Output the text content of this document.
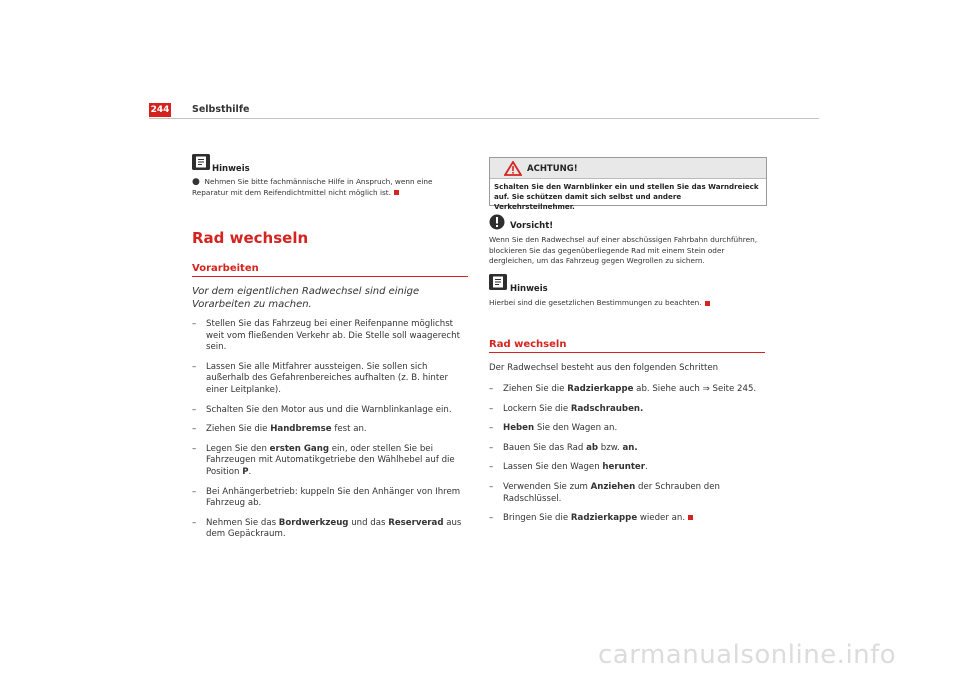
244 Selbsthilfe
Hinweis
● Nehmen Sie bitte fachmännische Hilfe in Anspruch, wenn eine Reparatur mit dem Reifendichtmittel nicht möglich ist.
Rad wechseln
Vorarbeiten
Vor dem eigentlichen Radwechsel sind einige Vorarbeiten zu machen.
– Stellen Sie das Fahrzeug bei einer Reifenpanne möglichst weit vom fließenden Verkehr ab. Die Stelle soll waagerecht sein.
– Lassen Sie alle Mitfahrer aussteigen. Sie sollen sich außerhalb des Gefahrenbereiches aufhalten (z. B. hinter einer Leitplanke).
– Schalten Sie den Motor aus und die Warnblinkanlage ein.
– Ziehen Sie die Handbremse fest an.
– Legen Sie den ersten Gang ein, oder stellen Sie bei Fahrzeugen mit Automatikgetriebe den Wählhebel auf die Position P.
– Bei Anhängerbetrieb: kuppeln Sie den Anhänger von Ihrem Fahrzeug ab.
– Nehmen Sie das Bordwerkzeug und das Reserverad aus dem Gepäckraum.
ACHTUNG!
Schalten Sie den Warnblinker ein und stellen Sie das Warndreieck auf. Sie schützen damit sich selbst und andere Verkehrsteilnehmer.
Vorsicht!
Wenn Sie den Radwechsel auf einer abschüssigen Fahrbahn durchführen, blockieren Sie das gegenüberliegende Rad mit einem Stein oder dergleichen, um das Fahrzeug gegen Wegrollen zu sichern.
Hinweis
Hierbei sind die gesetzlichen Bestimmungen zu beachten.
Rad wechseln
Der Radwechsel besteht aus den folgenden Schritten
– Ziehen Sie die Radzierkappe ab. Siehe auch ⇒ Seite 245.
– Lockern Sie die Radschrauben.
– Heben Sie den Wagen an.
– Bauen Sie das Rad ab bzw. an.
– Lassen Sie den Wagen herunter.
– Verwenden Sie zum Anziehen der Schrauben den Radschlüssel.
– Bringen Sie die Radzierkappe wieder an.
carmanualsonline.info
